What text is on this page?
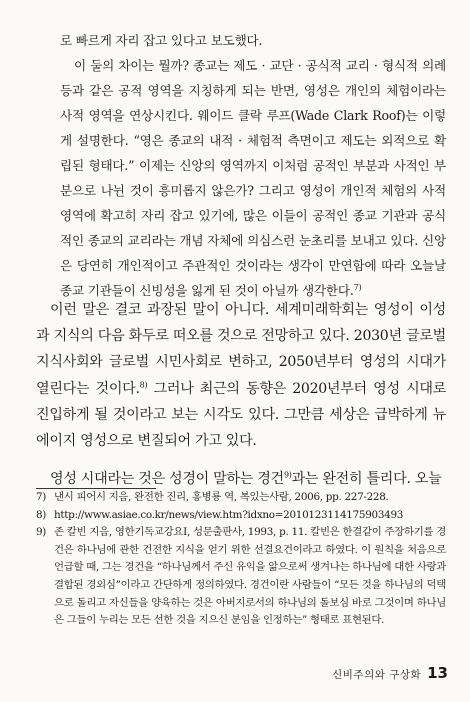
로 빠르게 자리 잡고 있다고 보도했다.

이 둘의 차이는 뭘까? 종교는 제도 · 교단 · 공식적 교리 · 형식적 의례 등과 같은 공적 영역을 지칭하게 되는 반면, 영성은 개인의 체험이라는 사적 영역을 연상시킨다. 웨이드 클락 루프(Wade Clark Roof)는 이렇게 설명한다. “영은 종교의 내적 · 체험적 측면이고 제도는 외적으로 확립된 형태다.” 이제는 신앙의 영역까지 이처럼 공적인 부분과 사적인 부분으로 나뉜 것이 흥미롭지 않은가? 그리고 영성이 개인적 체험의 사적 영역에 확고히 자리 잡고 있기에, 많은 이들이 공적인 종교 기관과 공식적인 종교의 교리라는 개념 자체에 의심스런 눈초리를 보내고 있다. 신앙은 당연히 개인적이고 주관적인 것이라는 생각이 만연함에 따라 오늘날 종교 기관들이 신빙성을 잃게 된 것이 아닐까 생각한다.$^{7)}$

이런 말은 결코 과장된 말이 아니다. 세계미래학회는 영성이 이성과 지식의 다음 화두로 떠오를 것으로 전망하고 있다. 2030년 글로벌 지식사회와 글로벌 시민사회로 변하고, 2050년부터 영성의 시대가 열린다는 것이다.$^{8)}$ 그러나 최근의 동향은 2020년부터 영성 시대로 진입하게 될 것이라고 보는 시각도 있다. 그만큼 세상은 급박하게 뉴에이지 영성으로 변질되어 가고 있다.

영성 시대라는 것은 성경이 말하는 경건$^{9)}$과는 완전히 틀리다. 오늘

7) 낸시 피어시 지음, 완전한 진리, 홍병룡 역, 복있는사람, 2006, pp. 227-228.
8) http://www.asiae.co.kr/news/view.htm?idxno=2010123114175903493
9) 존 칼빈 지음, 영한기독교강요Ⅰ, 성문출판사, 1993, p. 11. 칼빈은 한결같이 주장하기를 경건은 하나님에 관한 건전한 지식을 얻기 위한 선결요건이라고 하였다. 이 원칙을 처음으로 언급할 때, 그는 경건을 “하나님께서 주신 유익을 앎으로써 생겨나는 하나님에 대한 사랑과 결합된 경외심”이라고 간단하게 정의하였다. 경건이란 사람들이 “모든 것을 하나님의 덕택으로 돌리고 자신들을 양육하는 것은 아버지로서의 하나님의 돌보심 바로 그것이며 하나님은 그들이 누리는 모든 선한 것을 지으신 분임을 인정하는” 형태로 표현된다.
신비주의와 구상화 13
